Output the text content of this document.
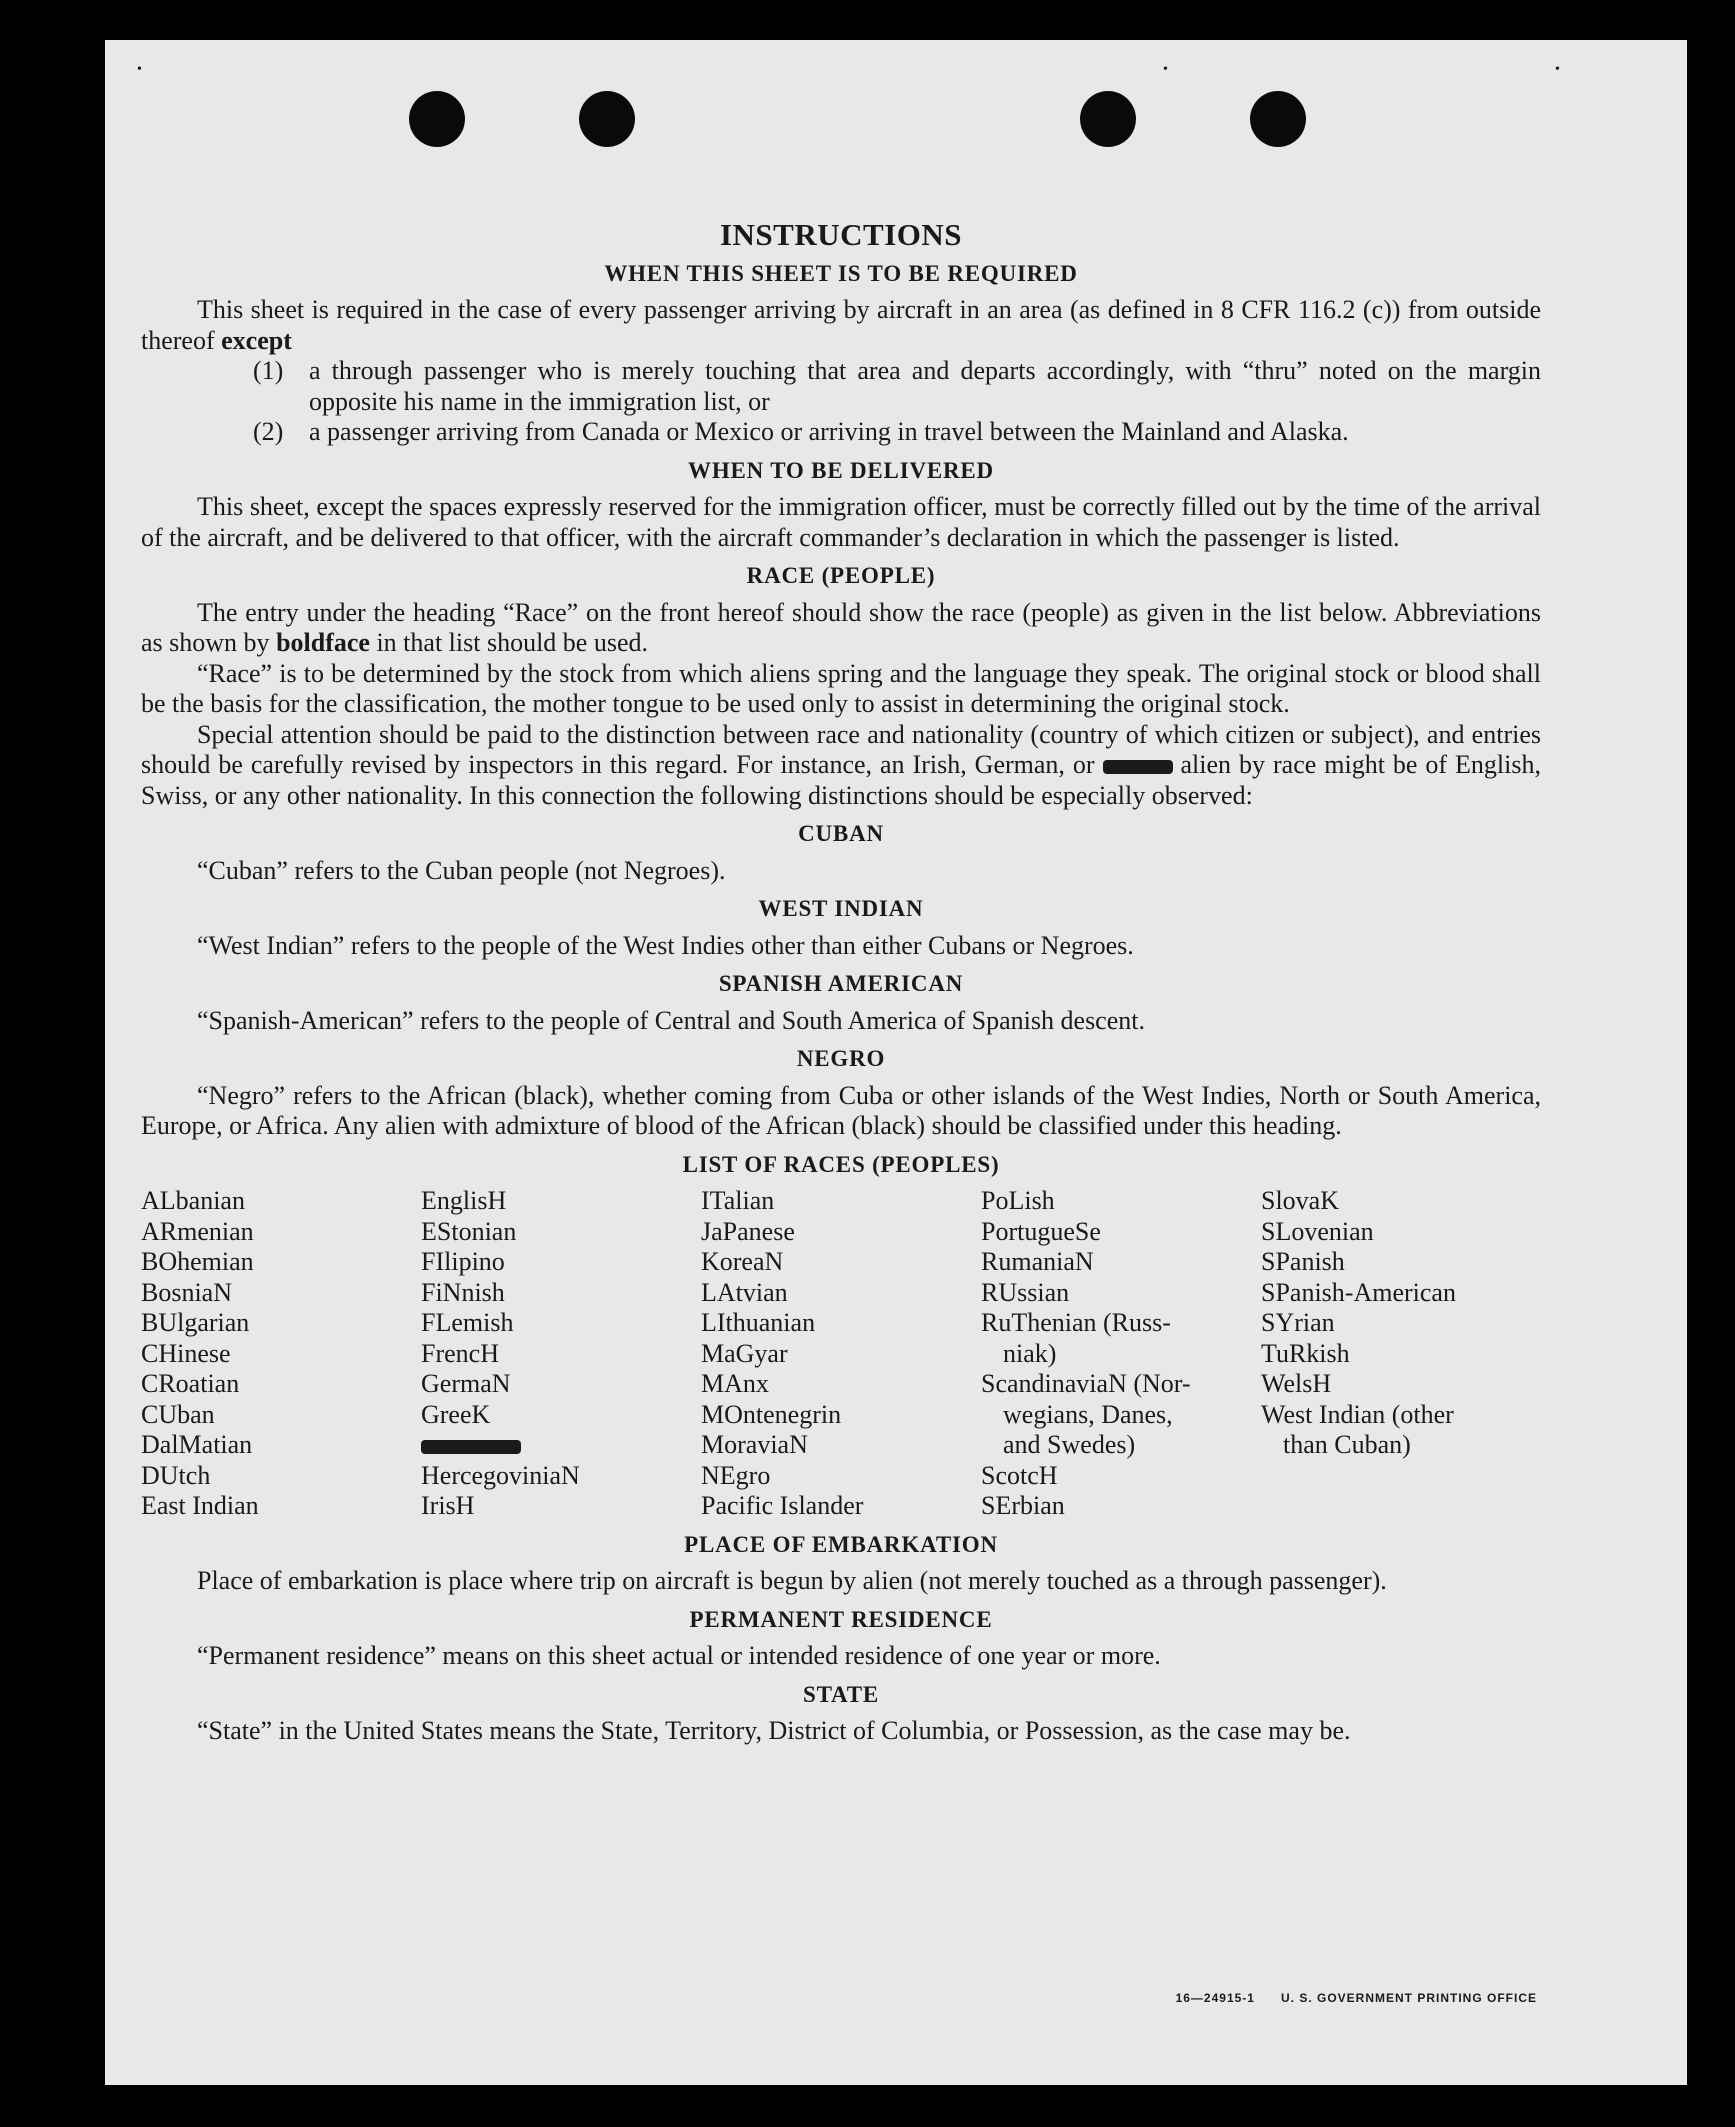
•	•	•
INSTRUCTIONS
WHEN THIS SHEET IS TO BE REQUIRED

This sheet is required in the case of every passenger arriving by aircraft in an area (as defined in 8 CFR 116.2 (c)) from outside thereof except

(1) a through passenger who is merely touching that area and departs accordingly, with “thru” noted on the margin opposite his name in the immigration list, or
(2) a passenger arriving from Canada or Mexico or arriving in travel between the Mainland and Alaska.
WHEN TO BE DELIVERED

This sheet, except the spaces expressly reserved for the immigration officer, must be correctly filled out by the time of the arrival of the aircraft, and be delivered to that officer, with the aircraft commander’s declaration in which the passenger is listed.

RACE (PEOPLE)

The entry under the heading “Race” on the front hereof should show the race (people) as given in the list below. Abbreviations as shown by boldface in that list should be used.

“Race” is to be determined by the stock from which aliens spring and the language they speak. The original stock or blood shall be the basis for the classification, the mother tongue to be used only to assist in determining the original stock.

Special attention should be paid to the distinction between race and nationality (country of which citizen or subject), and entries should be carefully revised by inspectors in this regard. For instance, an Irish, German, or	alien by race might be of English, Swiss, or any other nationality. In this connection the following distinctions should be especially observed:

CUBAN

“Cuban” refers to the Cuban people (not Negroes).

WEST INDIAN

“West Indian” refers to the people of the West Indies other than either Cubans or Negroes.

SPANISH AMERICAN

“Spanish-American” refers to the people of Central and South America of Spanish descent.

NEGRO

“Negro” refers to the African (black), whether coming from Cuba or other islands of the West Indies, North or South America, Europe, or Africa. Any alien with admixture of blood of the African (black) should be classified under this heading.

LIST OF RACES (PEOPLES)
ALbanian
ARmenian
BOhemian
BosniaN
BUlgarian
CHinese
CRoatian
CUban
DalMatian
DUtch
East Indian
EnglisH
EStonian
FIlipino
FiNnish
FLemish
FrencH
GermaN
GreeK
HercegoviniaN
IrisH
ITalian
JaPanese
KoreaN
LAtvian
LIthuanian
MaGyar
MAnx
MOntenegrin
MoraviaN
NEgro
Pacific Islander
PoLish
PortugueSe
RumaniaN
RUssian
RuThenian (Russ-
niak)
ScandinaviaN (Nor-
wegians, Danes,
and Swedes)
ScotcH
SErbian
SlovaK
SLovenian
SPanish
SPanish-American
SYrian
TuRkish
WelsH
West Indian (other
than Cuban)
PLACE OF EMBARKATION

Place of embarkation is place where trip on aircraft is begun by alien (not merely touched as a through passenger).

PERMANENT RESIDENCE

“Permanent residence” means on this sheet actual or intended residence of one year or more.

STATE

“State” in the United States means the State, Territory, District of Columbia, or Possession, as the case may be.

16—24915-1 U. S. GOVERNMENT PRINTING OFFICE
